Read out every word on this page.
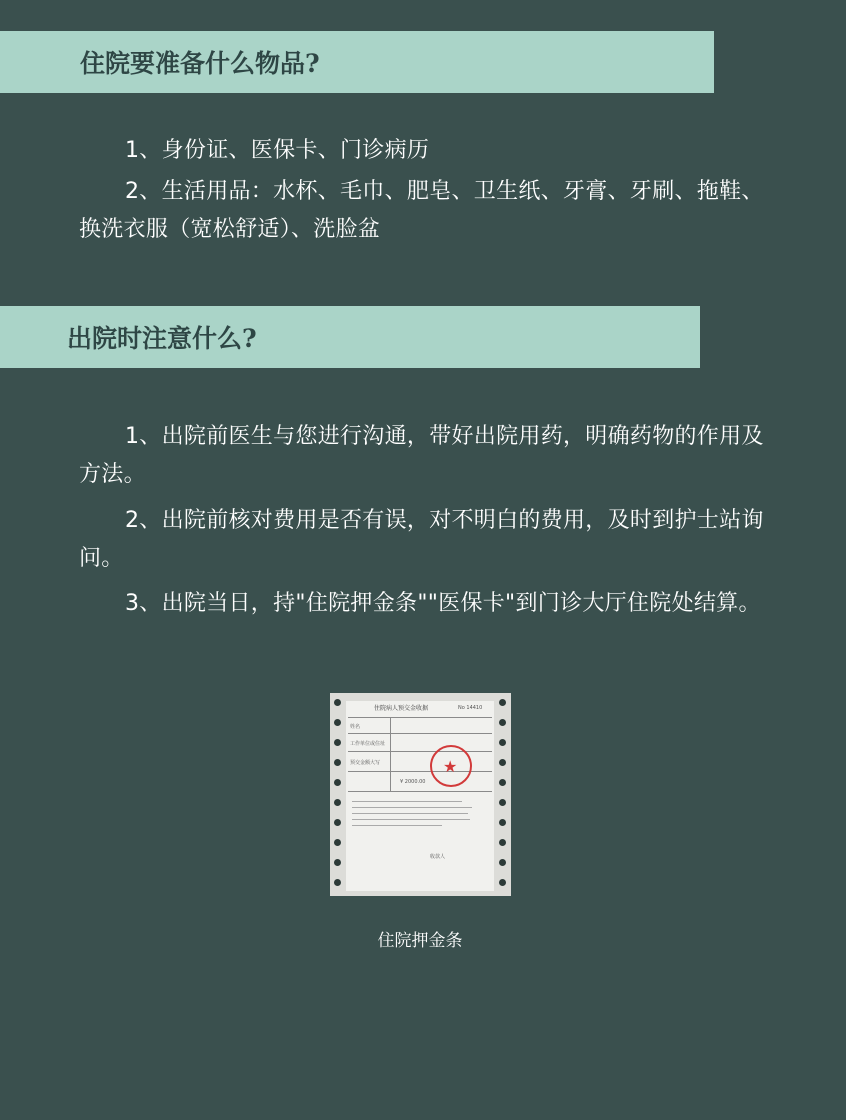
住院要准备什么物品?

1、身份证、医保卡、门诊病历

2、生活用品：水杯、毛巾、肥皂、卫生纸、牙膏、牙刷、拖鞋、换洗衣服（宽松舒适）、洗脸盆

出院时注意什么?

1、出院前医生与您进行沟通，带好出院用药，明确药物的作用及方法。

2、出院前核对费用是否有误，对不明白的费用，及时到护士站询问。

3、出院当日，持"住院押金条""医保卡"到门诊大厅住院处结算。

住院病人预交金收据	No 14410
姓名
工作单位或住址
预交金额大写
¥ 2000.00
收款人
★
住院押金条
